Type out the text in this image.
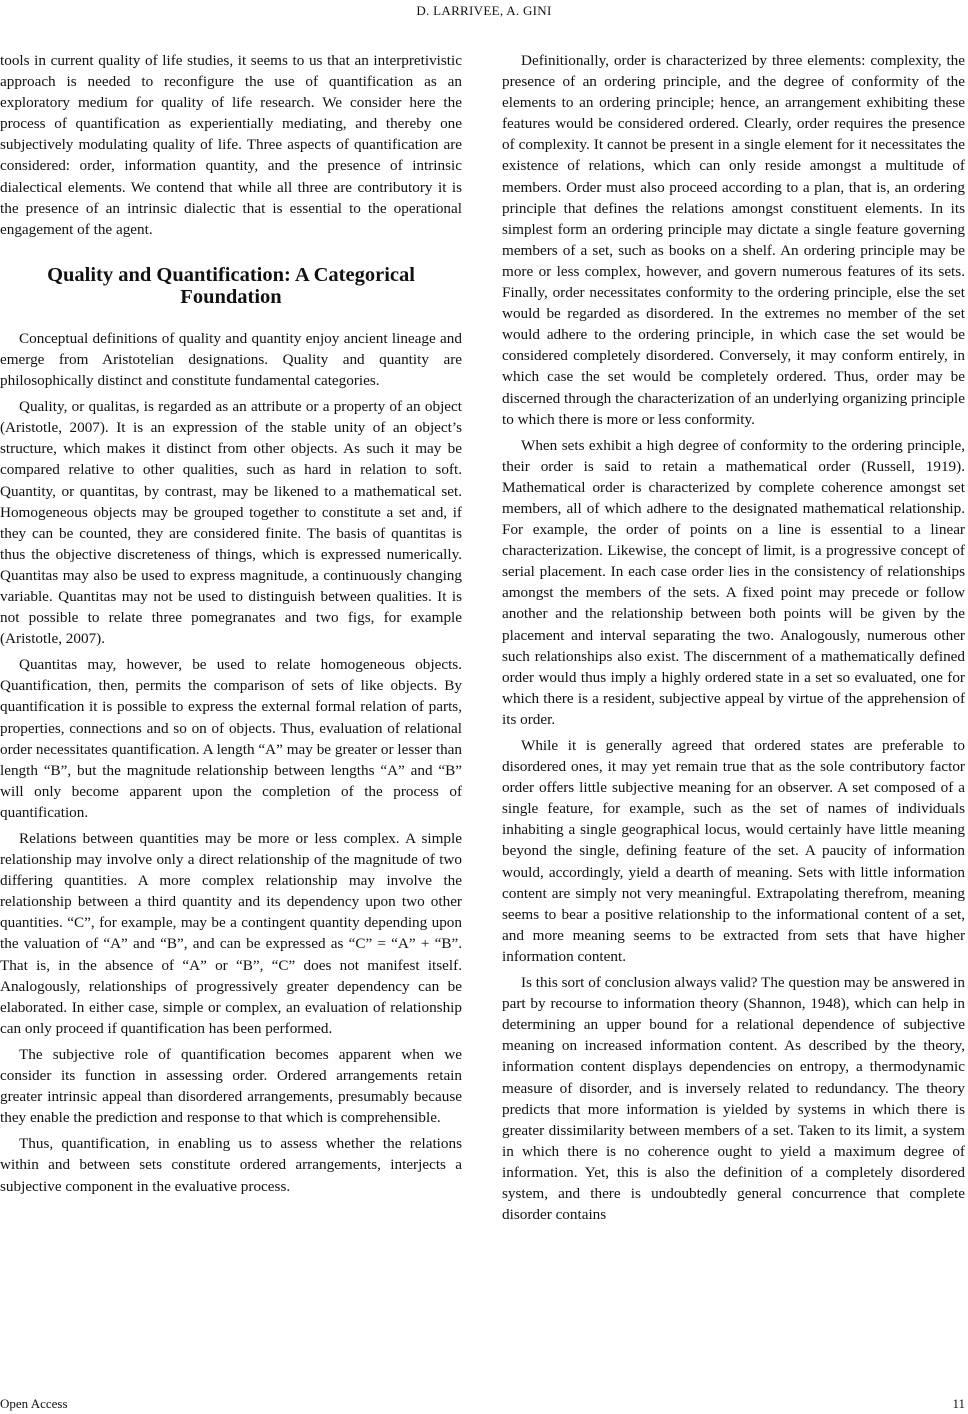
D. LARRIVEE, A. GINI

tools in current quality of life studies, it seems to us that an interpretivistic approach is needed to reconfigure the use of quantification as an exploratory medium for quality of life research. We consider here the process of quantification as experientially mediating, and thereby one subjectively modulating quality of life. Three aspects of quantification are considered: order, information quantity, and the presence of intrinsic dialectical elements. We contend that while all three are contributory it is the presence of an intrinsic dialectic that is essential to the operational engagement of the agent.

Quality and Quantification: A Categorical Foundation

Conceptual definitions of quality and quantity enjoy ancient lineage and emerge from Aristotelian designations. Quality and quantity are philosophically distinct and constitute fundamental categories.

Quality, or qualitas, is regarded as an attribute or a property of an object (Aristotle, 2007). It is an expression of the stable unity of an object’s structure, which makes it distinct from other objects. As such it may be compared relative to other qualities, such as hard in relation to soft. Quantity, or quantitas, by contrast, may be likened to a mathematical set. Homogeneous objects may be grouped together to constitute a set and, if they can be counted, they are considered finite. The basis of quantitas is thus the objective discreteness of things, which is expressed numerically. Quantitas may also be used to express magnitude, a continuously changing variable. Quantitas may not be used to distinguish between qualities. It is not possible to relate three pomegranates and two figs, for example (Aristotle, 2007).

Quantitas may, however, be used to relate homogeneous objects. Quantification, then, permits the comparison of sets of like objects. By quantification it is possible to express the external formal relation of parts, properties, connections and so on of objects. Thus, evaluation of relational order necessitates quantification. A length “A” may be greater or lesser than length “B”, but the magnitude relationship between lengths “A” and “B” will only become apparent upon the completion of the process of quantification.

Relations between quantities may be more or less complex. A simple relationship may involve only a direct relationship of the magnitude of two differing quantities. A more complex relationship may involve the relationship between a third quantity and its dependency upon two other quantities. “C”, for example, may be a contingent quantity depending upon the valuation of “A” and “B”, and can be expressed as “C” = “A” + “B”. That is, in the absence of “A” or “B”, “C” does not manifest itself. Analogously, relationships of progressively greater dependency can be elaborated. In either case, simple or complex, an evaluation of relationship can only proceed if quantification has been performed.

The subjective role of quantification becomes apparent when we consider its function in assessing order. Ordered arrangements retain greater intrinsic appeal than disordered arrangements, presumably because they enable the prediction and response to that which is comprehensible.

Thus, quantification, in enabling us to assess whether the relations within and between sets constitute ordered arrangements, interjects a subjective component in the evaluative process.

Definitionally, order is characterized by three elements: complexity, the presence of an ordering principle, and the degree of conformity of the elements to an ordering principle; hence, an arrangement exhibiting these features would be considered ordered. Clearly, order requires the presence of complexity. It cannot be present in a single element for it necessitates the existence of relations, which can only reside amongst a multitude of members. Order must also proceed according to a plan, that is, an ordering principle that defines the relations amongst constituent elements. In its simplest form an ordering principle may dictate a single feature governing members of a set, such as books on a shelf. An ordering principle may be more or less complex, however, and govern numerous features of its sets. Finally, order necessitates conformity to the ordering principle, else the set would be regarded as disordered. In the extremes no member of the set would adhere to the ordering principle, in which case the set would be considered completely disordered. Conversely, it may conform entirely, in which case the set would be completely ordered. Thus, order may be discerned through the characterization of an underlying organizing principle to which there is more or less conformity.

When sets exhibit a high degree of conformity to the ordering principle, their order is said to retain a mathematical order (Russell, 1919). Mathematical order is characterized by complete coherence amongst set members, all of which adhere to the designated mathematical relationship. For example, the order of points on a line is essential to a linear characterization. Likewise, the concept of limit, is a progressive concept of serial placement. In each case order lies in the consistency of relationships amongst the members of the sets. A fixed point may precede or follow another and the relationship between both points will be given by the placement and interval separating the two. Analogously, numerous other such relationships also exist. The discernment of a mathematically defined order would thus imply a highly ordered state in a set so evaluated, one for which there is a resident, subjective appeal by virtue of the apprehension of its order.

While it is generally agreed that ordered states are preferable to disordered ones, it may yet remain true that as the sole contributory factor order offers little subjective meaning for an observer. A set composed of a single feature, for example, such as the set of names of individuals inhabiting a single geographical locus, would certainly have little meaning beyond the single, defining feature of the set. A paucity of information would, accordingly, yield a dearth of meaning. Sets with little information content are simply not very meaningful. Extrapolating therefrom, meaning seems to bear a positive relationship to the informational content of a set, and more meaning seems to be extracted from sets that have higher information content.

Is this sort of conclusion always valid? The question may be answered in part by recourse to information theory (Shannon, 1948), which can help in determining an upper bound for a relational dependence of subjective meaning on increased information content. As described by the theory, information content displays dependencies on entropy, a thermodynamic measure of disorder, and is inversely related to redundancy. The theory predicts that more information is yielded by systems in which there is greater dissimilarity between members of a set. Taken to its limit, a system in which there is no coherence ought to yield a maximum degree of information. Yet, this is also the definition of a completely disordered system, and there is undoubtedly general concurrence that complete disorder contains

Open Access	11
